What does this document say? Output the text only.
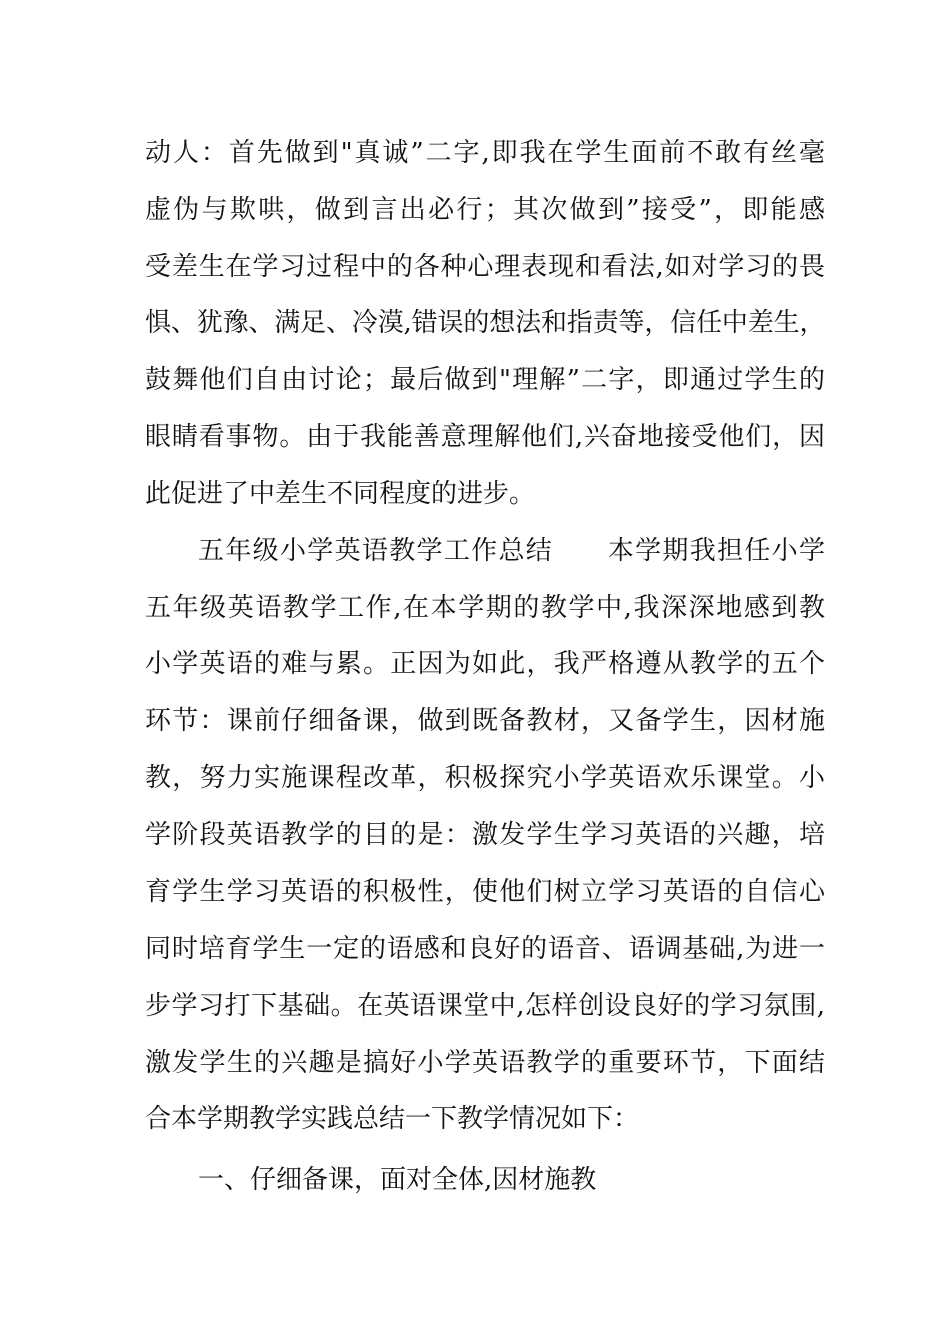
动人：首先做到"真诚”二字,即我在学生面前不敢有丝毫
虚伪与欺哄，做到言出必行；其次做到”接受”，即能感
受差生在学习过程中的各种心理表现和看法,如对学习的畏
惧、犹豫、满足、冷漠,错误的想法和指责等，信任中差生，
鼓舞他们自由讨论；最后做到"理解”二字，即通过学生的
眼睛看事物。由于我能善意理解他们,兴奋地接受他们，因
此促进了中差生不同程度的进步。
五年级小学英语教学工作总结　　本学期我担任小学
五年级英语教学工作,在本学期的教学中,我深深地感到教
小学英语的难与累。正因为如此，我严格遵从教学的五个
环节：课前仔细备课，做到既备教材，又备学生，因材施
教，努力实施课程改革，积极探究小学英语欢乐课堂。小
学阶段英语教学的目的是：激发学生学习英语的兴趣，培
育学生学习英语的积极性，使他们树立学习英语的自信心
同时培育学生一定的语感和良好的语音、语调基础,为进一
步学习打下基础。在英语课堂中,怎样创设良好的学习氛围,
激发学生的兴趣是搞好小学英语教学的重要环节，下面结
合本学期教学实践总结一下教学情况如下：
一、仔细备课，面对全体,因材施教
